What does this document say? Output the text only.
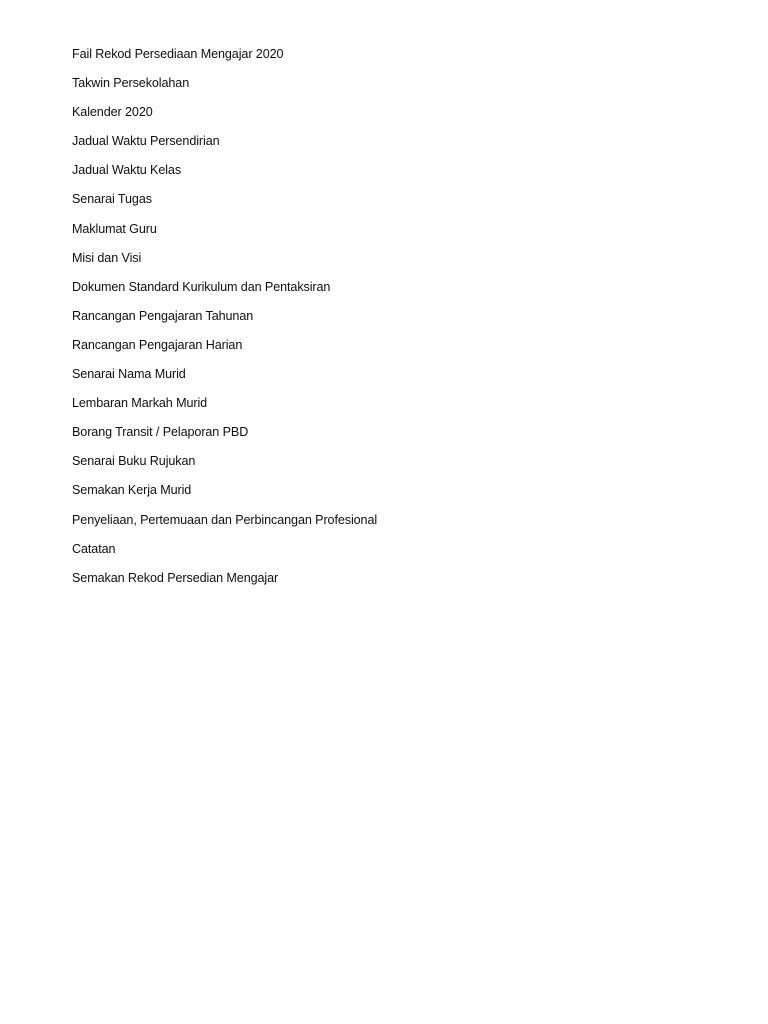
Fail Rekod Persediaan Mengajar 2020
Takwin Persekolahan
Kalender 2020
Jadual Waktu Persendirian
Jadual Waktu Kelas
Senarai Tugas
Maklumat Guru
Misi dan Visi
Dokumen Standard Kurikulum dan Pentaksiran
Rancangan Pengajaran Tahunan
Rancangan Pengajaran Harian
Senarai Nama Murid
Lembaran Markah Murid
Borang Transit / Pelaporan PBD
Senarai Buku Rujukan
Semakan Kerja Murid
Penyeliaan, Pertemuaan dan Perbincangan Profesional
Catatan
Semakan Rekod Persedian Mengajar
